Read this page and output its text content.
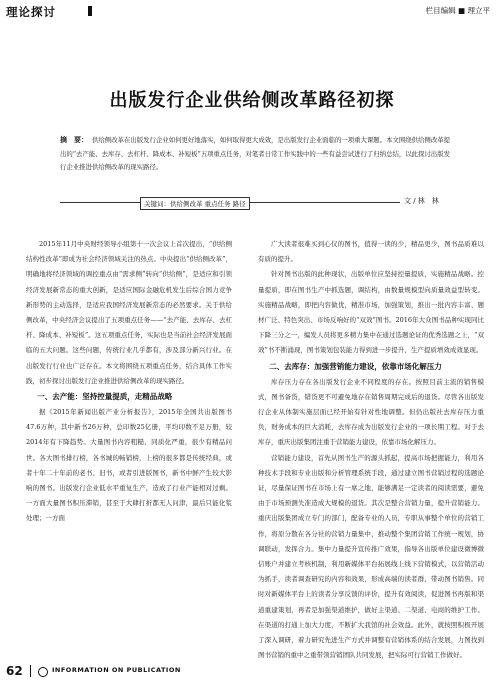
理论探讨	栏目编辑 ■ 理立平
出版发行企业供给侧改革路径初探
摘　要： 供给侧改革在出版发行企业如何更好地落实，如何取得更大成效，是出版发行企业面临的一项重大课题。本文围绕供给侧改革提出的“去产能、去库存、去杠杆、降成本、补短板”五项重点任务，对笔者日常工作实践中的一些有益尝试进行了归纳总结，以此探讨出版发行企业推进供给侧改革的现实路径。
关键词：供给侧改革 重点任务 路径	文 / 林　林

2015年11月中央财经领导小组第十一次会议上首次提出，“供给侧结构性改革”即成为社会经济领域关注的热点。中央提出“供给侧改革”，明确地将经济领域的调控重点由“需求侧”转向“供给侧”，是适应和引领经济发展新常态的重大创新，是适应国际金融危机发生后综合国力竞争新形势的主动选择，是适应我国经济发展新常态的必然要求。关于供给侧改革，中央经济会议提出了五项重点任务——“去产能、去库存、去杠杆、降成本、补短板”。这五项重点任务，实际也是当前社会经济发展面临的五大问题。这些问题，传统行业几乎都有，涉及部分新兴行业。在出版发行行业也广泛存在。本文将围绕五项重点任务，结合具体工作实践，初步探讨出版发行企业推进供给侧改革的现实路径。

一、去产能：坚持控量提质，走精品战略

据《2015年新闻出版产业分析报告》，2015年全国共出版图书47.6万种，其中新书26万种，总印数25亿册，平均印数不足万册，较2014年有下降趋势。大量图书内容粗糙、同质化严重，很少有精品问世。各大图书排行榜，各书城的畅销榜，上榜的很多都是传统经典，或者十年二十年前的老书、旧书，或者引进版图书，新书中鲜产生较大影响的图书。出版发行企业低水平重复生产，造成了行业产能相对过剩。一方面大量图书积压滞销，甚至于大肆打折都无人问津，最后只能化浆处理；一方面

广大读者很难买到心仪的图书，值得一读的少，精品更少，图书品质难以有质的提升。

针对图书出版的此种现状，出版单位应坚持控量提质，实施精品战略。控量提质，即在图书生产中抓选题，调结构，由数量规模型向质量效益型转变。实施精品战略，即把内容做优，精准市场，加强策划，推出一批内容丰富、题材广泛、特色突出、市场反响好的“双效”图书。2016年大众图书品种实现同比下降三分之一，编发人员将更多精力集中在通过选题论证的优秀选题之上，“双效”书不断涌现，图书策划包装能力得到进一步提升，生产提质增效成效显现。

二、去库存：加强营销能力建设，依靠市场化解压力

库存压力存在各出版发行企业不同程度的存在。按照目前主流的销售模式，图书备货，错货更不可避免地存在销售周期完成后的退货。尽管各出版发行企业从体制实施层面已经开始有针对性地调整。但仍出版社去库存压力重负，财务成本的巨大消耗，去库存成为出版发行企业的一项长期工程。对于去库存，重庆出版集团注重于营销能力建设，依靠市场化解压力。

营销能力建设，首先从图书生产的源头抓起，提高市场把握能力，利用各种技术手段和专业出版和分析管理系统手段，通过建立图书营销过程的选题论证，尽量保证图书在市场上有一席之地，能够满足一定读者的阅读需要，避免由于市场预测失准造成大规模的退货。其次是整合营销力量，提升营销能力。重庆出版集团成立专门的部门，配备专业的人员，专职从事整个单位的营销工作，将原分散在各分社的营销力量集中，推动整个集团营销工作统一规划，协调联动，发挥合力。集中力量提升宣传推广效果，指导各出版单位建设微博微信账户并建立考核机制，利用新媒体平台拓展线上线下营销模式，以营销活动为抓手，读者调查研究的内容和效果，形成高端的读者群，带动图书销售。同时对新媒体平台上的读者分享反馈的评价，提升有效阅读，促进图书再版和渠道重建策划，再者是加强渠道维护，做好主渠道、二渠道、电商的维护工作。在渠道的打通上加大力度，不断扩大我馆的社会效益。此外，就按照积极开展了深入调研，着力研究先进生产方式并调整有营销体系的结合发展，力图找到图书营销的重中之重带领营销团队共同发展，把实际可行营销工作做好。

62	INFORMATION ON PUBLICATION
